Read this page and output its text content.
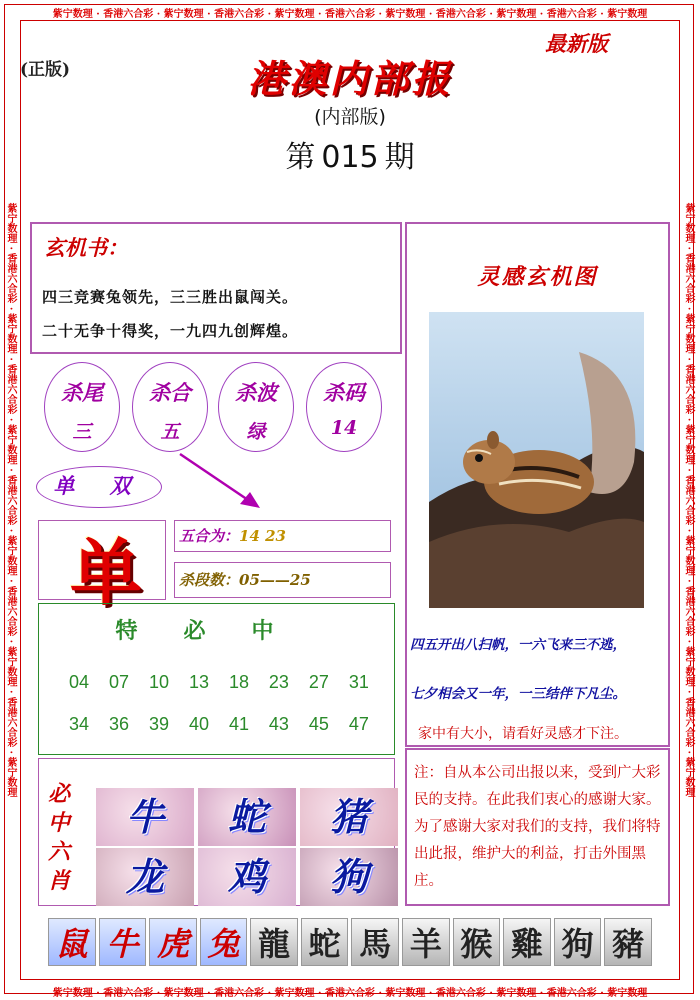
紫宁数理 · 香港六合彩 · 紫宁数理 · 香港六合彩 · 紫宁数理 · 香港六合彩 · 紫宁数理 · 香港六合彩 · 紫宁数理 · 香港六合彩 · 紫宁数理
紫宁数理 · 香港六合彩 · 紫宁数理 · 香港六合彩 · 紫宁数理 · 香港六合彩 · 紫宁数理 · 香港六合彩 · 紫宁数理 · 香港六合彩 · 紫宁数理
紫宁数理 · 香港六合彩 · 紫宁数理 · 香港六合彩 · 紫宁数理 · 香港六合彩 · 紫宁数理 · 香港六合彩 · 紫宁数理 · 香港六合彩 · 紫宁数理	紫宁数理 · 香港六合彩 · 紫宁数理 · 香港六合彩 · 紫宁数理 · 香港六合彩 · 紫宁数理 · 香港六合彩 · 紫宁数理 · 香港六合彩 · 紫宁数理
(正版)
最新版
港澳内部报
(内部版)
第 015 期
玄机书：
四三竞赛兔领先，三三胜出鼠闯关。
二十无争十得奖，一九四九创辉煌。
杀尾
三
杀合
五
杀波
绿
杀码
14
单 双
单	五合为：14 23
杀段数：05——25
特必中
04 07 10 13 18 23 27 31
34 36 39 40 41 43 45 47
必中六肖
牛	蛇	猪
龙	鸡	狗
灵感玄机图
四五开出八扫帆，一六飞来三不逃，
七夕相会又一年，一三结伴下凡尘。
家中有大小，请看好灵感才下注。
注：自从本公司出报以来，受到广大彩民的支持。在此我们衷心的感谢大家。为了感谢大家对我们的支持，我们将特出此报，维护大的利益，打击外围黑庄。
鼠 牛 虎 兔 龍 蛇 馬 羊 猴 雞 狗 豬
